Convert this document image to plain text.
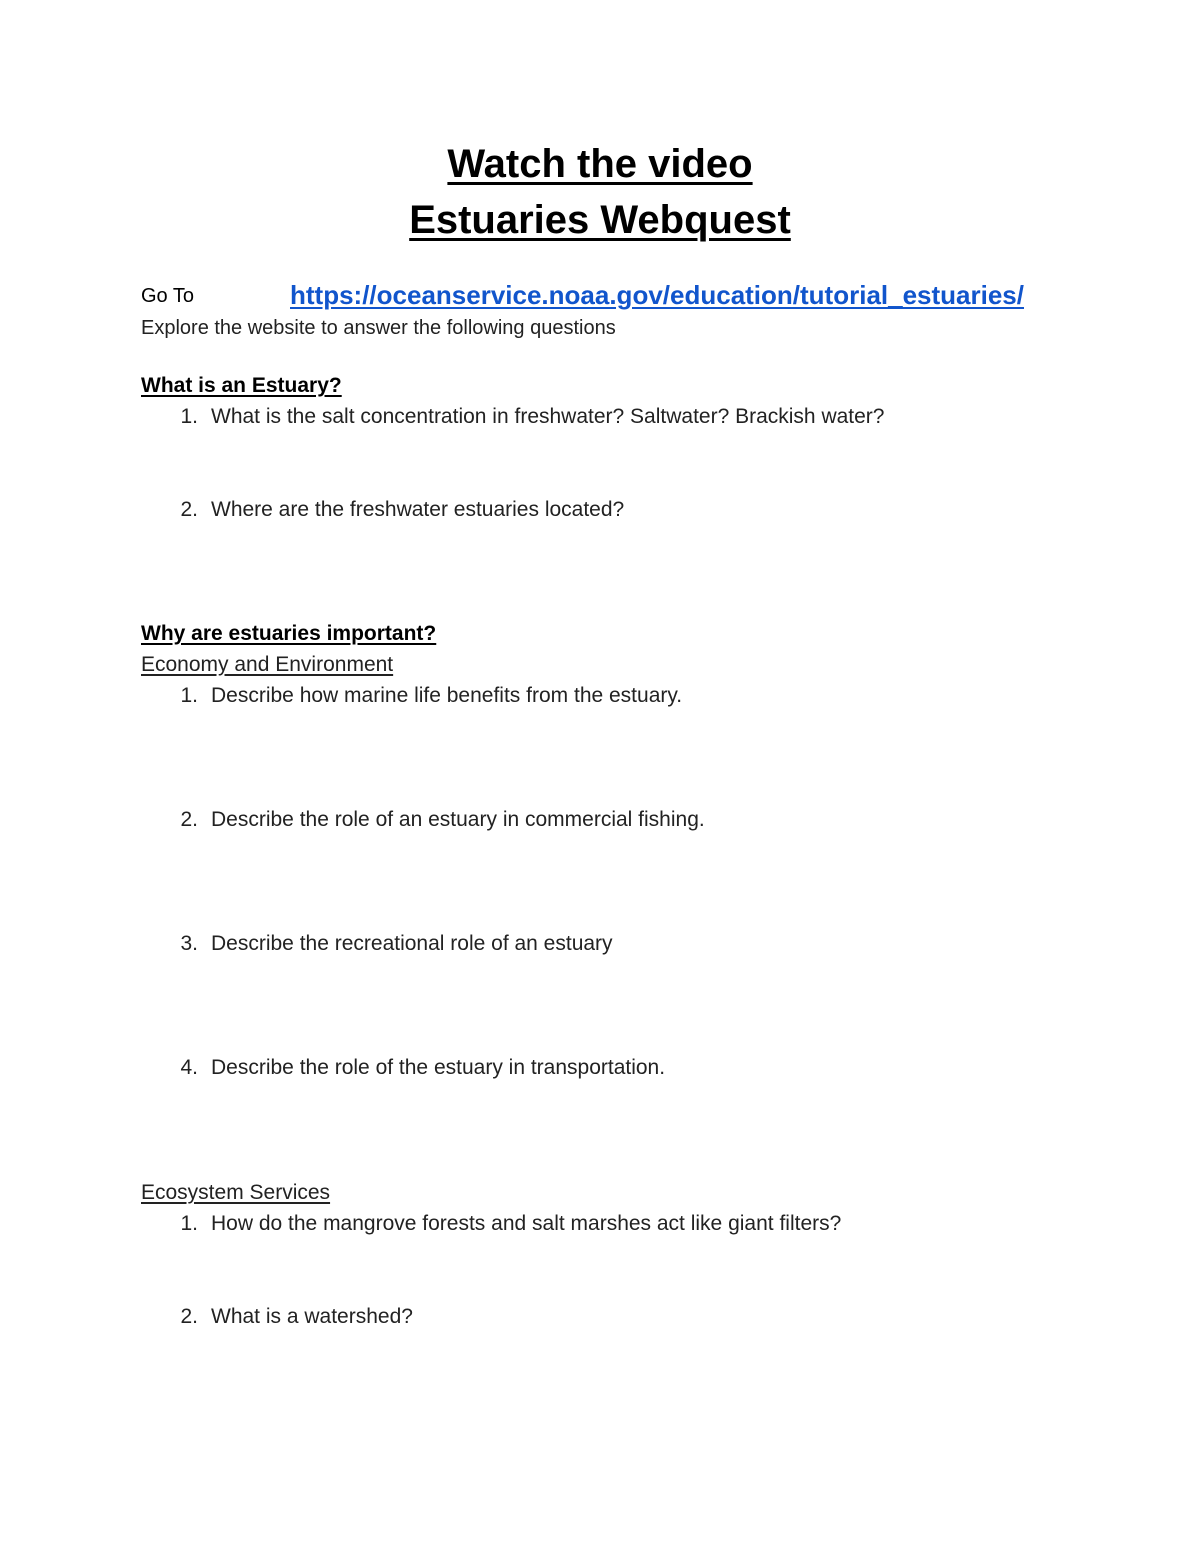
Watch the video
Estuaries Webquest
Go To	https://oceanservice.noaa.gov/education/tutorial_estuaries/
Explore the website to answer the following questions
What is an Estuary?
1. What is the salt concentration in freshwater? Saltwater? Brackish water?
2. Where are the freshwater estuaries located?
Why are estuaries important?
Economy and Environment
1. Describe how marine life benefits from the estuary.
2. Describe the role of an estuary in commercial fishing.
3. Describe the recreational role of an estuary
4. Describe the role of the estuary in transportation.
Ecosystem Services
1. How do the mangrove forests and salt marshes act like giant filters?
2. What is a watershed?
